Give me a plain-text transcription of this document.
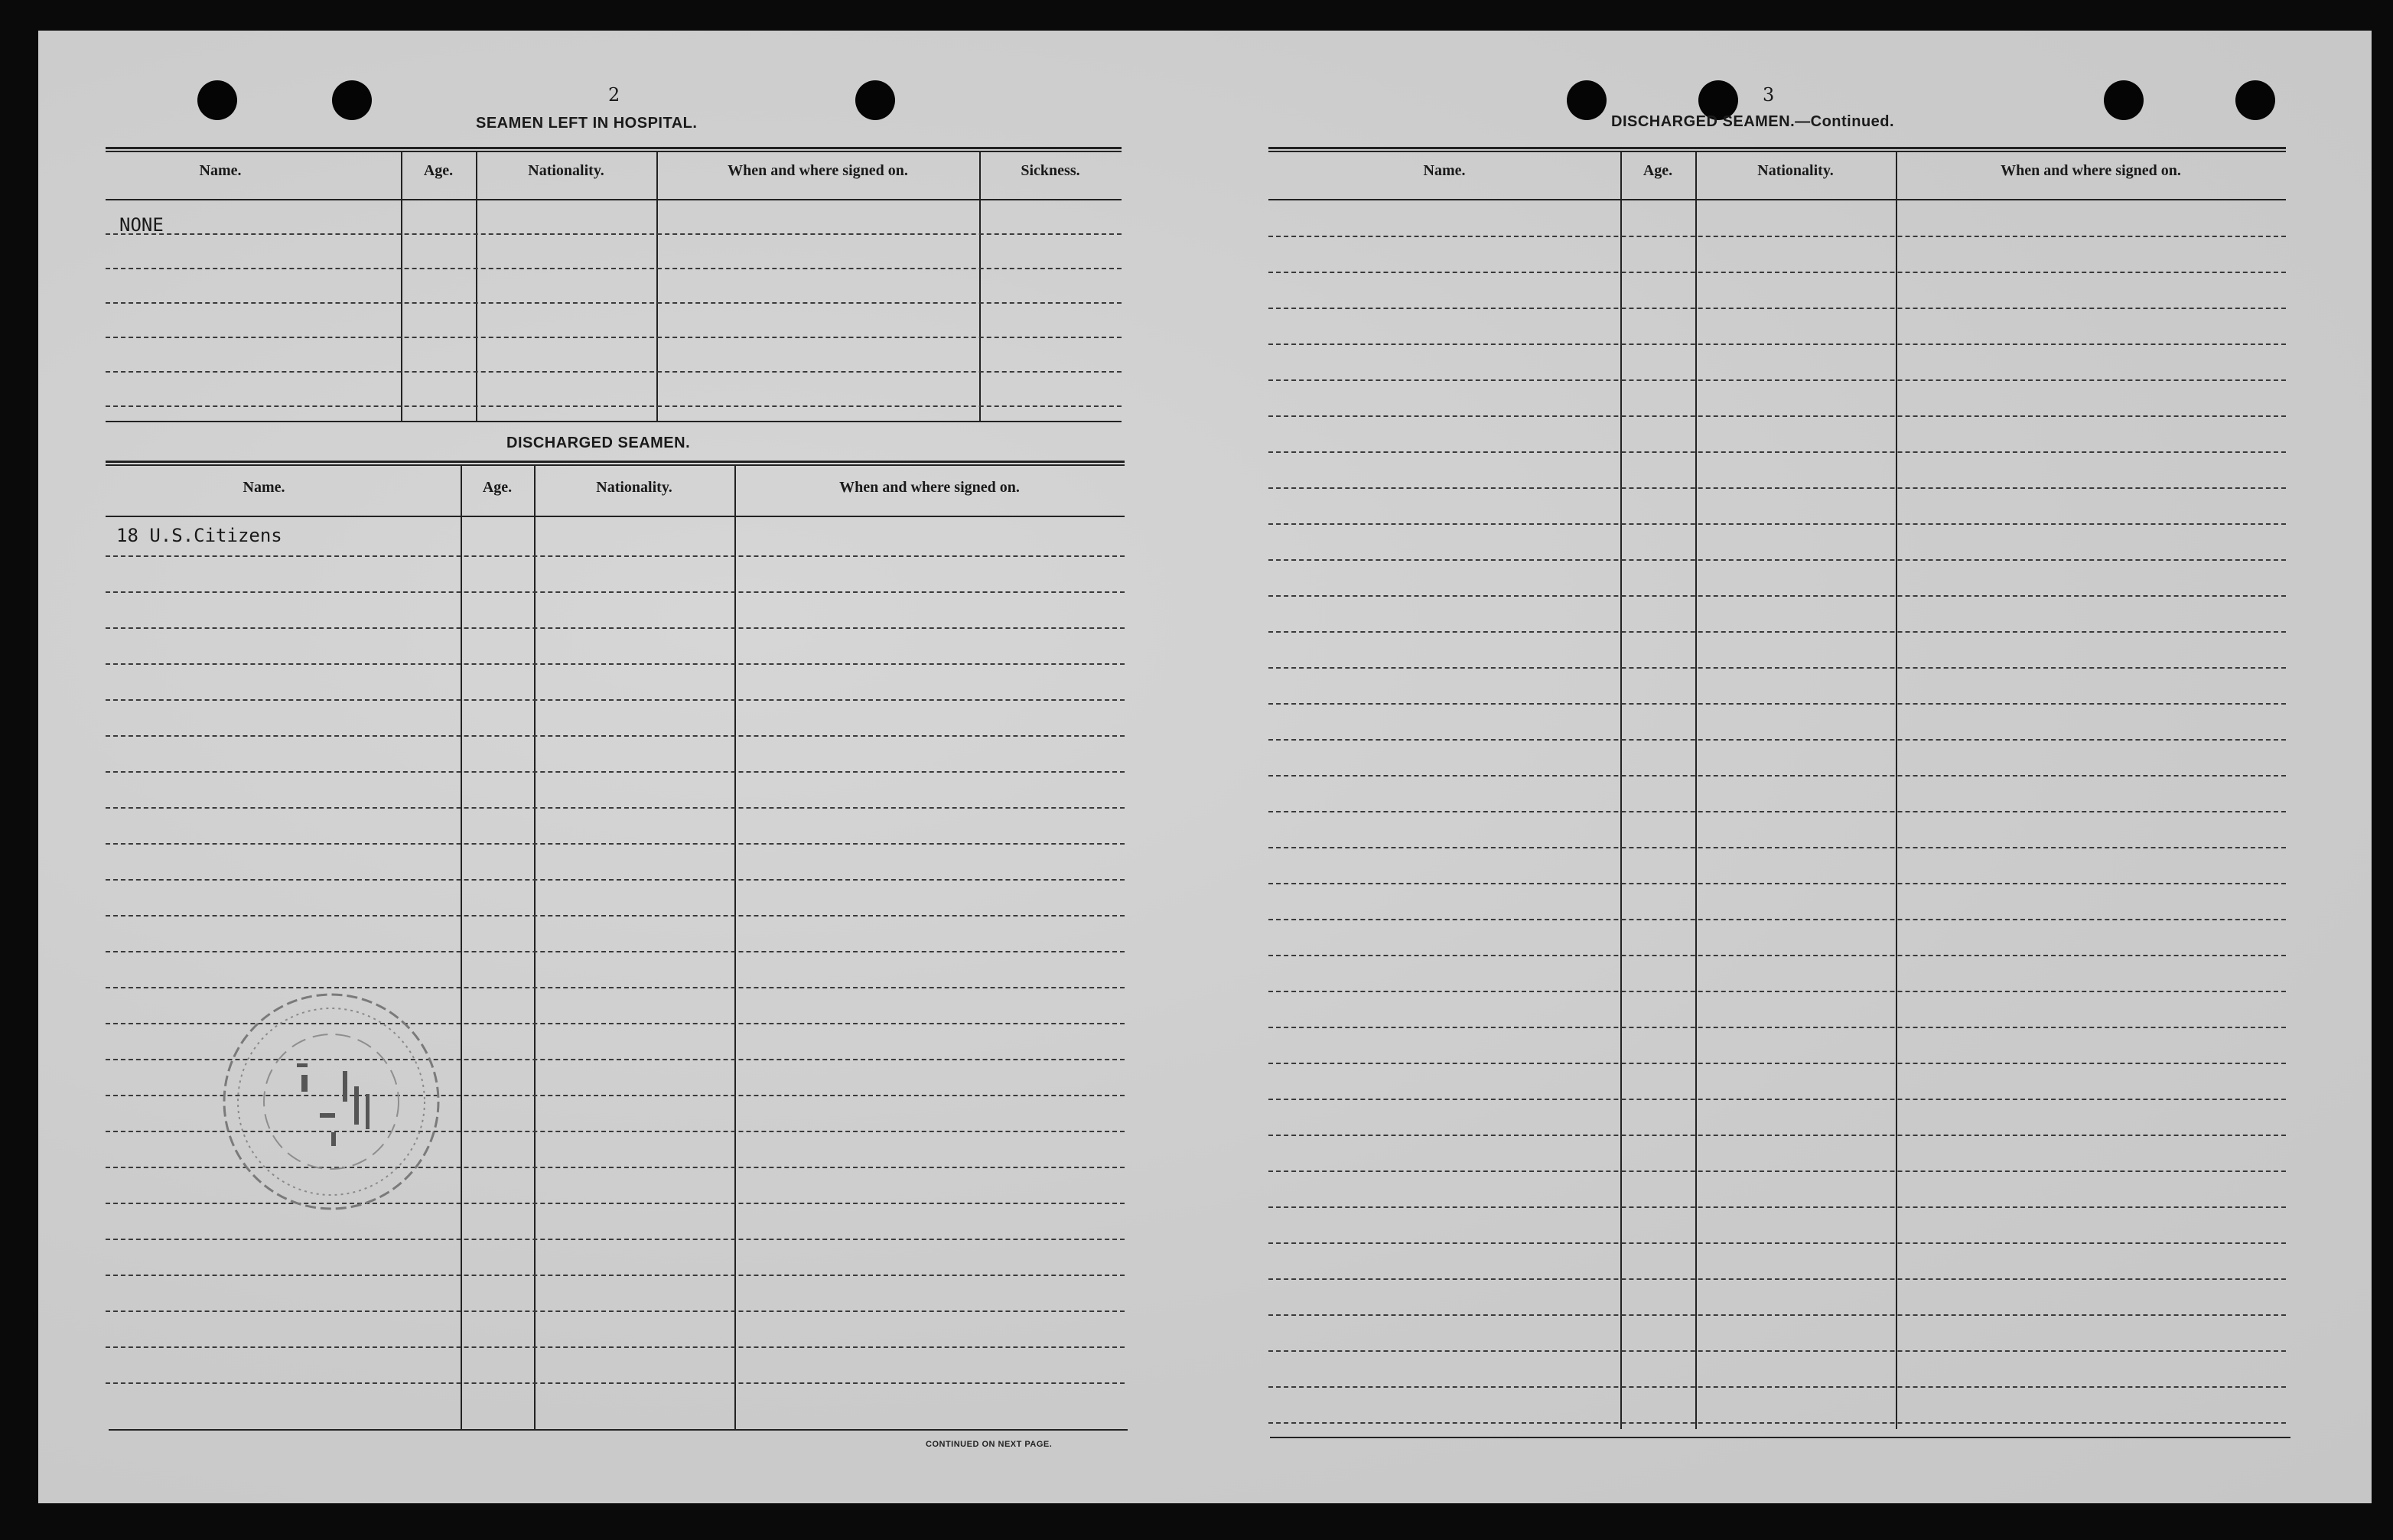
2
SEAMEN LEFT IN HOSPITAL.
Name.	Age.	Nationality.	When and where signed on.	Sickness.
NONE
DISCHARGED SEAMEN.
Name.	Age.	Nationality.	When and where signed on.
18 U.S.Citizens
CONTINUED ON NEXT PAGE.
3
DISCHARGED SEAMEN.—Continued.
Name.	Age.	Nationality.	When and where signed on.
